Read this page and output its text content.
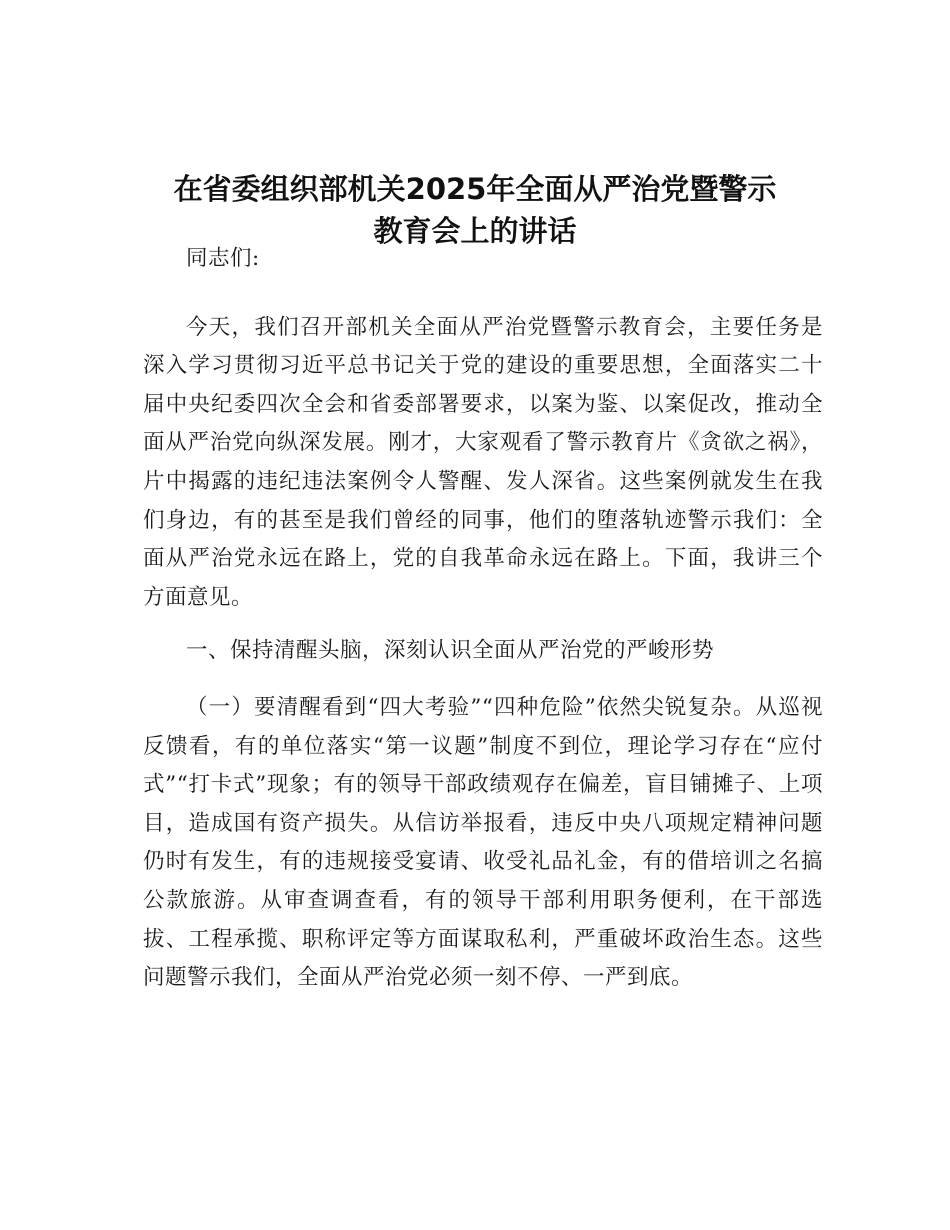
在省委组织部机关2025年全面从严治党暨警示
教育会上的讲话

同志们:

今天，我们召开部机关全面从严治党暨警示教育会，主要任务是深入学习贯彻习近平总书记关于党的建设的重要思想，全面落实二十届中央纪委四次全会和省委部署要求，以案为鉴、以案促改，推动全面从严治党向纵深发展。刚才，大家观看了警示教育片《贪欲之祸》，片中揭露的违纪违法案例令人警醒、发人深省。这些案例就发生在我们身边，有的甚至是我们曾经的同事，他们的堕落轨迹警示我们：全面从严治党永远在路上，党的自我革命永远在路上。下面，我讲三个方面意见。

一、保持清醒头脑，深刻认识全面从严治党的严峻形势

（一）要清醒看到“四大考验”“四种危险”依然尖锐复杂。从巡视反馈看，有的单位落实“第一议题”制度不到位，理论学习存在“应付式”“打卡式”现象；有的领导干部政绩观存在偏差，盲目铺摊子、上项目，造成国有资产损失。从信访举报看，违反中央八项规定精神问题仍时有发生，有的违规接受宴请、收受礼品礼金，有的借培训之名搞公款旅游。从审查调查看，有的领导干部利用职务便利，在干部选拔、工程承揽、职称评定等方面谋取私利，严重破坏政治生态。这些问题警示我们，全面从严治党必须一刻不停、一严到底。
